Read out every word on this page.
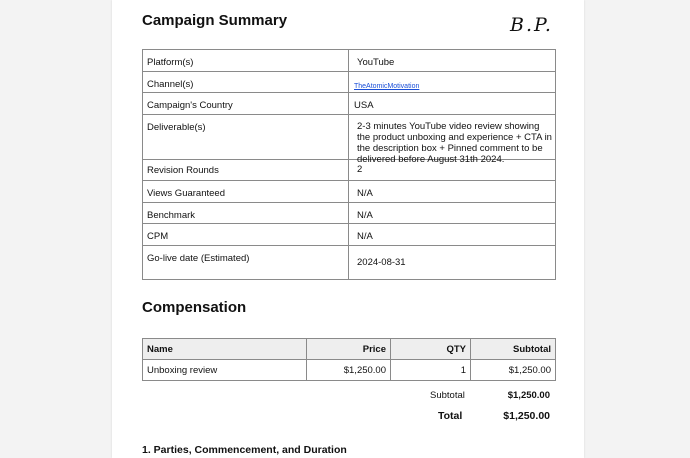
Campaign Summary	B.P.
Platform(s)	YouTube

Channel(s)	TheAtomicMotivation

Campaign's Country	USA

Deliverable(s)	2-3 minutes YouTube video review showing the product unboxing and experience + CTA in the description box + Pinned comment to be delivered before August 31th 2024.

Revision Rounds	2

Views Guaranteed	N/A

Benchmark	N/A

CPM	N/A

Go-live date (Estimated)	2024-08-31
Compensation
Name	Price	QTY	Subtotal
Unboxing review	$1,250.00	1	$1,250.00
Subtotal	$1,250.00
Total	$1,250.00
1. Parties, Commencement, and Duration
